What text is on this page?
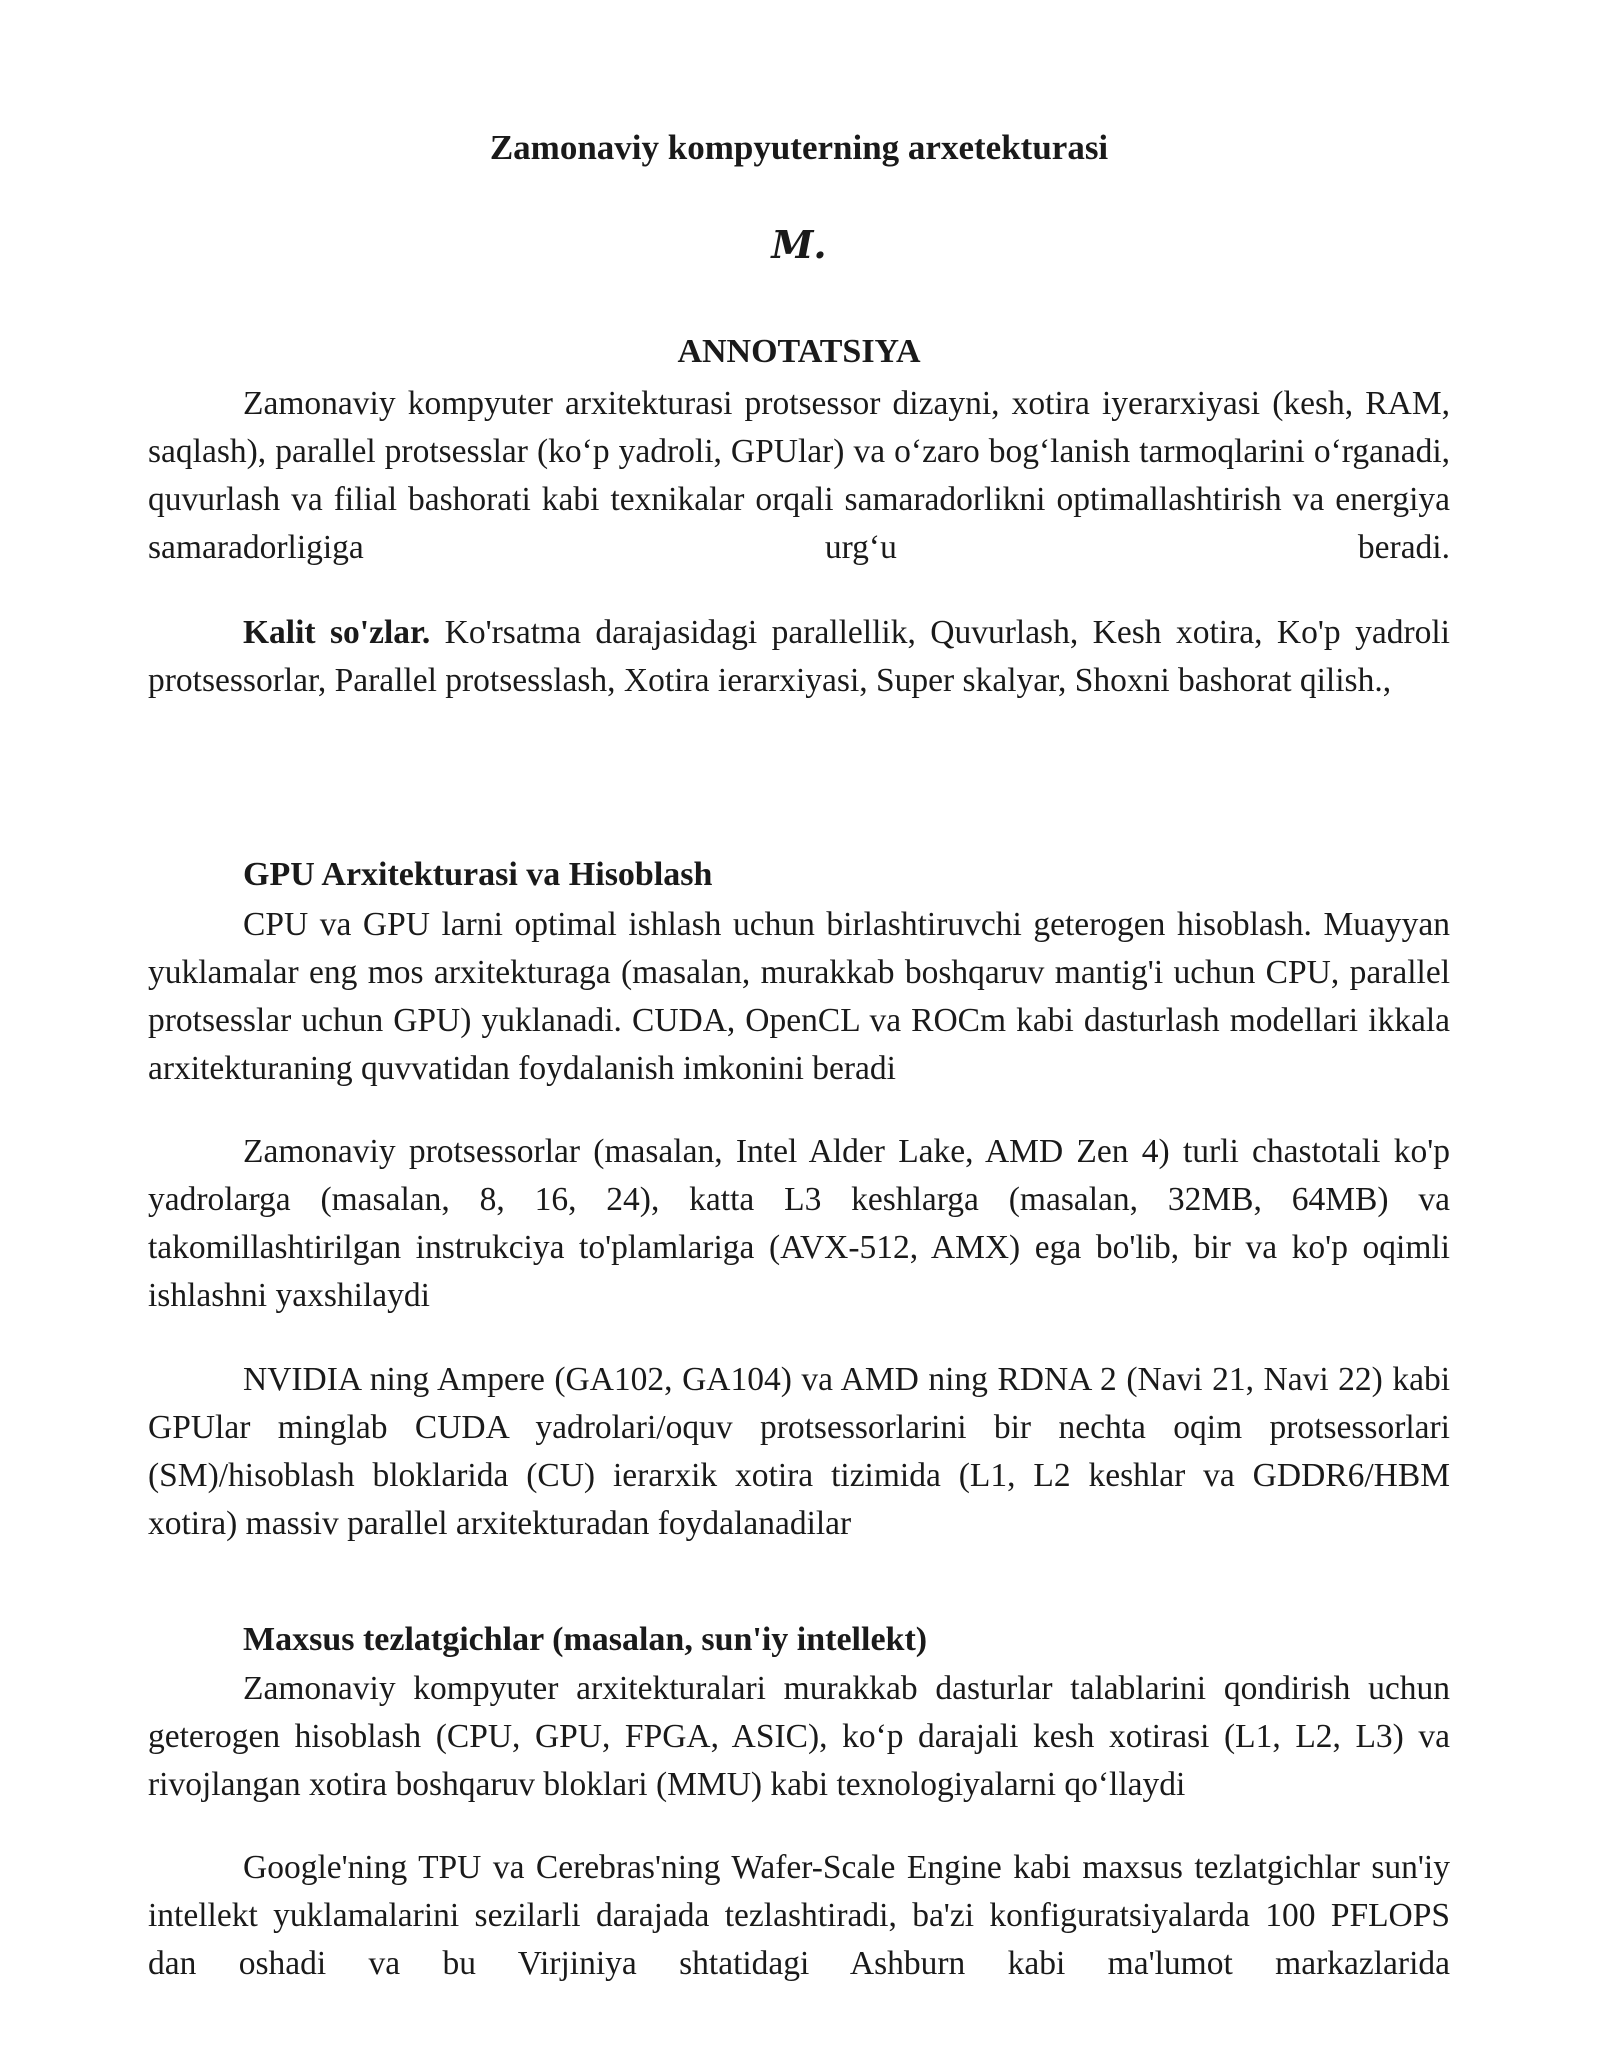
Zamonaviy kompyuterning arxetekturasi
M.
ANNOTATSIYA

Zamonaviy kompyuter arxitekturasi protsessor dizayni, xotira iyerarxiyasi (kesh, RAM, saqlash), parallel protsesslar (ko‘p yadroli, GPUlar) va o‘zaro bog‘lanish tarmoqlarini o‘rganadi, quvurlash va filial bashorati kabi texnikalar orqali samaradorlikni optimallashtirish va energiya samaradorligiga urg‘u beradi.

Kalit so'zlar. Ko'rsatma darajasidagi parallellik, Quvurlash, Kesh xotira, Ko'p yadroli protsessorlar, Parallel protsesslash, Xotira ierarxiyasi, Super skalyar, Shoxni bashorat qilish.,

GPU Arxitekturasi va Hisoblash

CPU va GPU larni optimal ishlash uchun birlashtiruvchi geterogen hisoblash. Muayyan yuklamalar eng mos arxitekturaga (masalan, murakkab boshqaruv mantig'i uchun CPU, parallel protsesslar uchun GPU) yuklanadi. CUDA, OpenCL va ROCm kabi dasturlash modellari ikkala arxitekturaning quvvatidan foydalanish imkonini beradi

Zamonaviy protsessorlar (masalan, Intel Alder Lake, AMD Zen 4) turli chastotali ko'p yadrolarga (masalan, 8, 16, 24), katta L3 keshlarga (masalan, 32MB, 64MB) va takomillashtirilgan instrukciya to'plamlariga (AVX-512, AMX) ega bo'lib, bir va ko'p oqimli ishlashni yaxshilaydi

NVIDIA ning Ampere (GA102, GA104) va AMD ning RDNA 2 (Navi 21, Navi 22) kabi GPUlar minglab CUDA yadrolari/oquv protsessorlarini bir nechta oqim protsessorlari (SM)/hisoblash bloklarida (CU) ierarxik xotira tizimida (L1, L2 keshlar va GDDR6/HBM xotira) massiv parallel arxitekturadan foydalanadilar

Maxsus tezlatgichlar (masalan, sun'iy intellekt)

Zamonaviy kompyuter arxitekturalari murakkab dasturlar talablarini qondirish uchun geterogen hisoblash (CPU, GPU, FPGA, ASIC), ko‘p darajali kesh xotirasi (L1, L2, L3) va rivojlangan xotira boshqaruv bloklari (MMU) kabi texnologiyalarni qo‘llaydi

Google'ning TPU va Cerebras'ning Wafer-Scale Engine kabi maxsus tezlatgichlar sun'iy intellekt yuklamalarini sezilarli darajada tezlashtiradi, ba'zi konfiguratsiyalarda 100 PFLOPS dan oshadi va bu Virjiniya shtatidagi Ashburn kabi ma'lumot markazlarida
